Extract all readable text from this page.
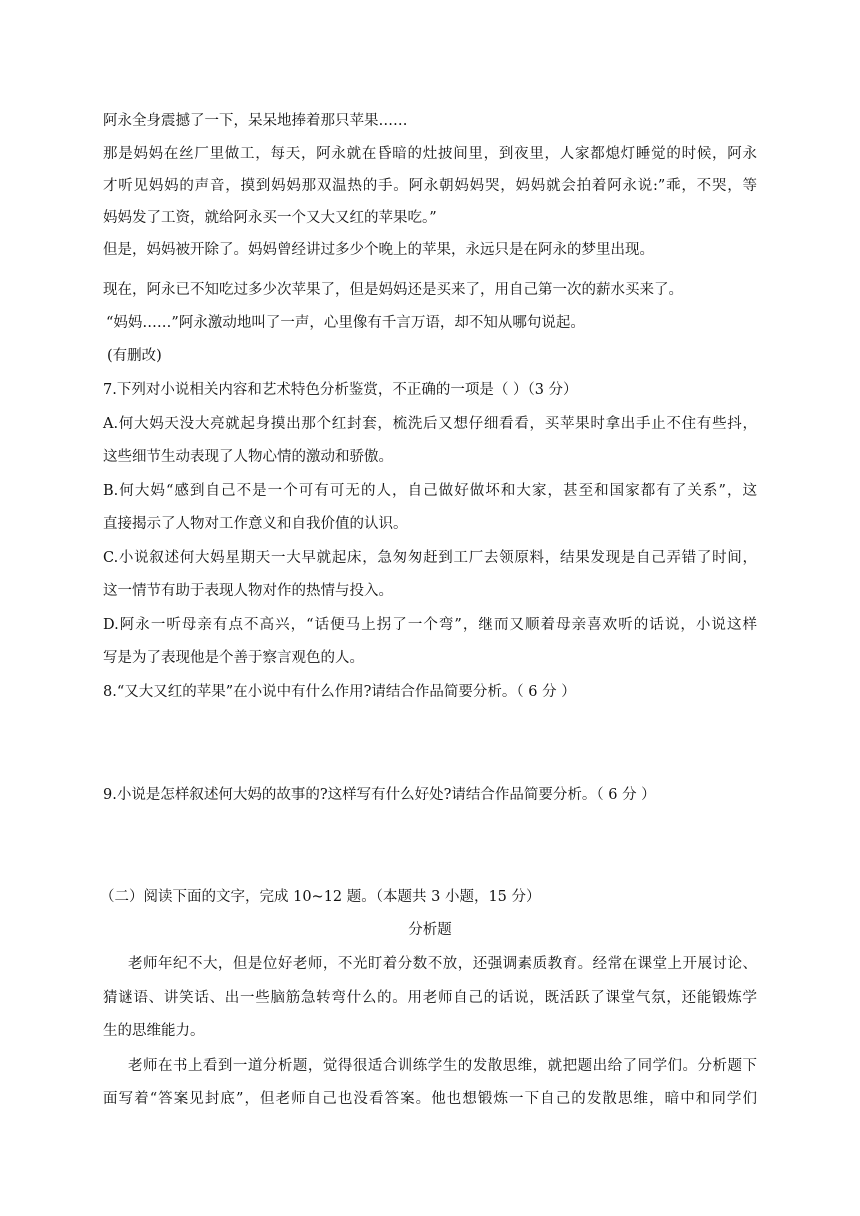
阿永全身震撼了一下，呆呆地捧着那只苹果……
那是妈妈在丝厂里做工，每天，阿永就在昏暗的灶披间里，到夜里，人家都熄灯睡觉的时候，阿永
才听见妈妈的声音，摸到妈妈那双温热的手。阿永朝妈妈哭，妈妈就会拍着阿永说:”乖，不哭，等
妈妈发了工资，就给阿永买一个又大又红的苹果吃。”
但是，妈妈被开除了。妈妈曾经讲过多少个晚上的苹果，永远只是在阿永的梦里出现。
现在，阿永已不知吃过多少次苹果了，但是妈妈还是买来了，用自己第一次的薪水买来了。
“妈妈……”阿永激动地叫了一声，心里像有千言万语，却不知从哪句说起。
(有删改)
7.下列对小说相关内容和艺术特色分析鉴赏，不正确的一项是（ ）（3 分）
A.何大妈天没大亮就起身摸出那个红封套，梳洗后又想仔细看看，买苹果时拿出手止不住有些抖，
这些细节生动表现了人物心情的激动和骄傲。
B.何大妈“感到自己不是一个可有可无的人，自己做好做坏和大家，甚至和国家都有了关系”，这
直接揭示了人物对工作意义和自我价值的认识。
C.小说叙述何大妈星期天一大早就起床，急匆匆赶到工厂去领原料，结果发现是自己弄错了时间，
这一情节有助于表现人物对作的热情与投入。
D.阿永一听母亲有点不高兴，“话便马上拐了一个弯”，继而又顺着母亲喜欢听的话说，小说这样
写是为了表现他是个善于察言观色的人。
8.“又大又红的苹果”在小说中有什么作用?请结合作品简要分析。（ 6 分 ）
9.小说是怎样叙述何大妈的故事的?这样写有什么好处?请结合作品简要分析。（ 6 分 ）
（二）阅读下面的文字，完成 10~12 题。（本题共 3 小题，15 分）
分析题
老师年纪不大，但是位好老师，不光盯着分数不放，还强调素质教育。经常在课堂上开展讨论、
猜谜语、讲笑话、出一些脑筋急转弯什么的。用老师自己的话说，既活跃了课堂气氛，还能锻炼学
生的思维能力。
老师在书上看到一道分析题，觉得很适合训练学生的发散思维，就把题出给了同学们。分析题下
面写着“答案见封底”，但老师自己也没看答案。他也想锻炼一下自己的发散思维，暗中和同学们
